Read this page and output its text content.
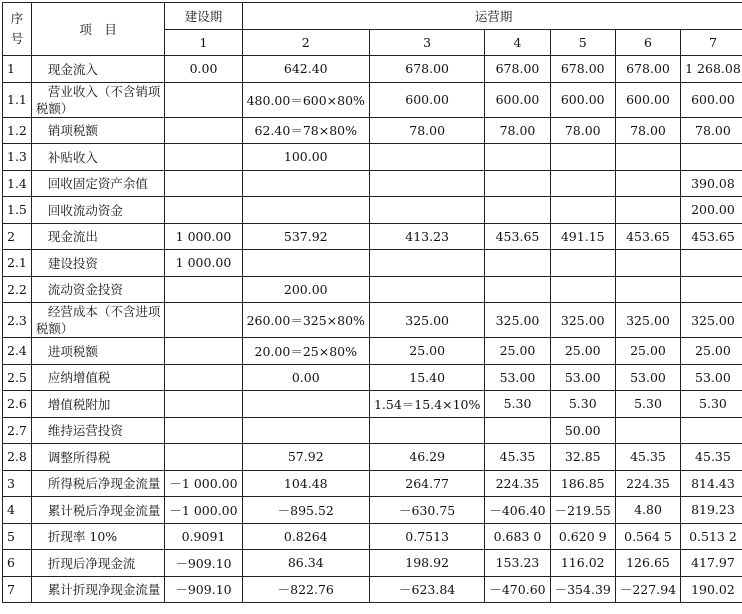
序
号	项　目	建设期	运营期					
		1	2	3	4	5	6	7
1	现金流入	0.00	642.40	678.00	678.00	678.00	678.00	1 268.08
1.1	营业收入（不含销项税额）		480.00＝600×80%	600.00	600.00	600.00	600.00	600.00
1.2	销项税额		62.40＝78×80%	78.00	78.00	78.00	78.00	78.00
1.3	补贴收入		100.00					
1.4	回收固定资产余值							390.08
1.5	回收流动资金							200.00
2	现金流出	1 000.00	537.92	413.23	453.65	491.15	453.65	453.65
2.1	建设投资	1 000.00						
2.2	流动资金投资		200.00					
2.3	经营成本（不含进项税额）		260.00＝325×80%	325.00	325.00	325.00	325.00	325.00
2.4	进项税额		20.00＝25×80%	25.00	25.00	25.00	25.00	25.00
2.5	应纳增值税		0.00	15.40	53.00	53.00	53.00	53.00
2.6	增值税附加			1.54＝15.4×10%	5.30	5.30	5.30	5.30
2.7	维持运营投资					50.00		
2.8	调整所得税		57.92	46.29	45.35	32.85	45.35	45.35
3	所得税后净现金流量	－1 000.00	104.48	264.77	224.35	186.85	224.35	814.43
4	累计税后净现金流量	－1 000.00	－895.52	－630.75	－406.40	－219.55	4.80	819.23
5	折现率 10%	0.9091	0.8264	0.7513	0.683 0	0.620 9	0.564 5	0.513 2
6	折现后净现金流	－909.10	86.34	198.92	153.23	116.02	126.65	417.97
7	累计折现净现金流量	－909.10	－822.76	－623.84	－470.60	－354.39	－227.94	190.02
